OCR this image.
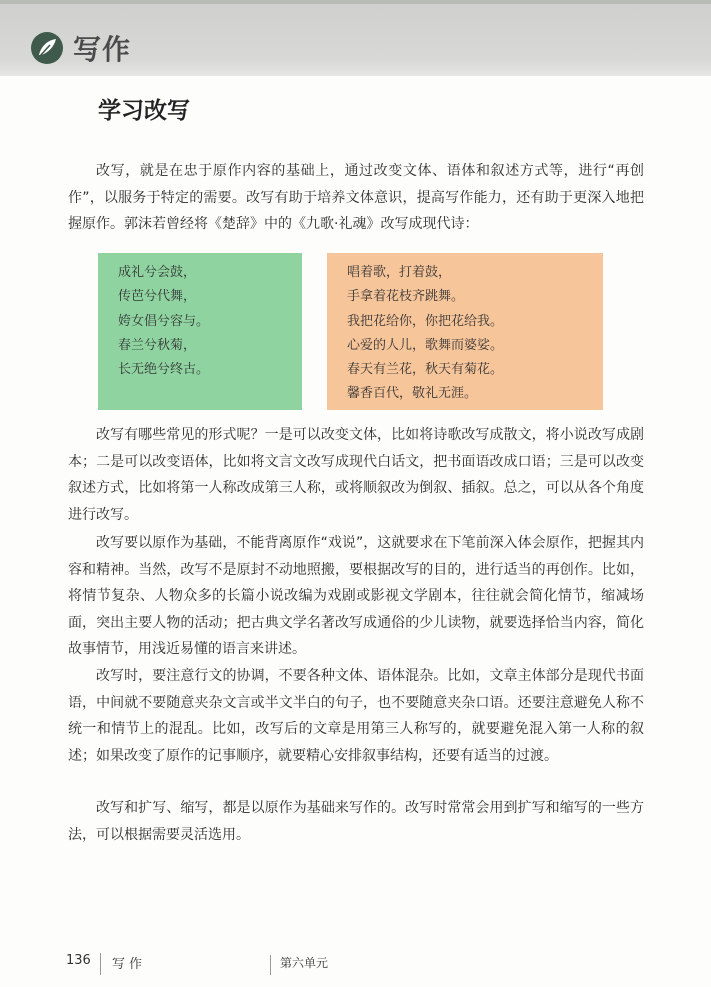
写作
学习改写
改写，就是在忠于原作内容的基础上，通过改变文体、语体和叙述方式等，进行“再创作”，以服务于特定的需要。改写有助于培养文体意识，提高写作能力，还有助于更深入地把握原作。郭沫若曾经将《楚辞》中的《九歌·礼魂》改写成现代诗：
成礼兮会鼓，
传芭兮代舞，
姱女倡兮容与。
春兰兮秋菊，
长无绝兮终古。
唱着歌，打着鼓，
手拿着花枝齐跳舞。
我把花给你，你把花给我。
心爱的人儿，歌舞而婆娑。
春天有兰花，秋天有菊花。
馨香百代，敬礼无涯。
改写有哪些常见的形式呢？一是可以改变文体，比如将诗歌改写成散文，将小说改写成剧本；二是可以改变语体，比如将文言文改写成现代白话文，把书面语改成口语；三是可以改变叙述方式，比如将第一人称改成第三人称，或将顺叙改为倒叙、插叙。总之，可以从各个角度进行改写。
改写要以原作为基础，不能背离原作“戏说”，这就要求在下笔前深入体会原作，把握其内容和精神。当然，改写不是原封不动地照搬，要根据改写的目的，进行适当的再创作。比如，将情节复杂、人物众多的长篇小说改编为戏剧或影视文学剧本，往往就会简化情节，缩减场面，突出主要人物的活动；把古典文学名著改写成通俗的少儿读物，就要选择恰当内容，简化故事情节，用浅近易懂的语言来讲述。
改写时，要注意行文的协调，不要各种文体、语体混杂。比如，文章主体部分是现代书面语，中间就不要随意夹杂文言或半文半白的句子，也不要随意夹杂口语。还要注意避免人称不统一和情节上的混乱。比如，改写后的文章是用第三人称写的，就要避免混入第一人称的叙述；如果改变了原作的记事顺序，就要精心安排叙事结构，还要有适当的过渡。
改写和扩写、缩写，都是以原作为基础来写作的。改写时常常会用到扩写和缩写的一些方法，可以根据需要灵活选用。
136 写作	第六单元
